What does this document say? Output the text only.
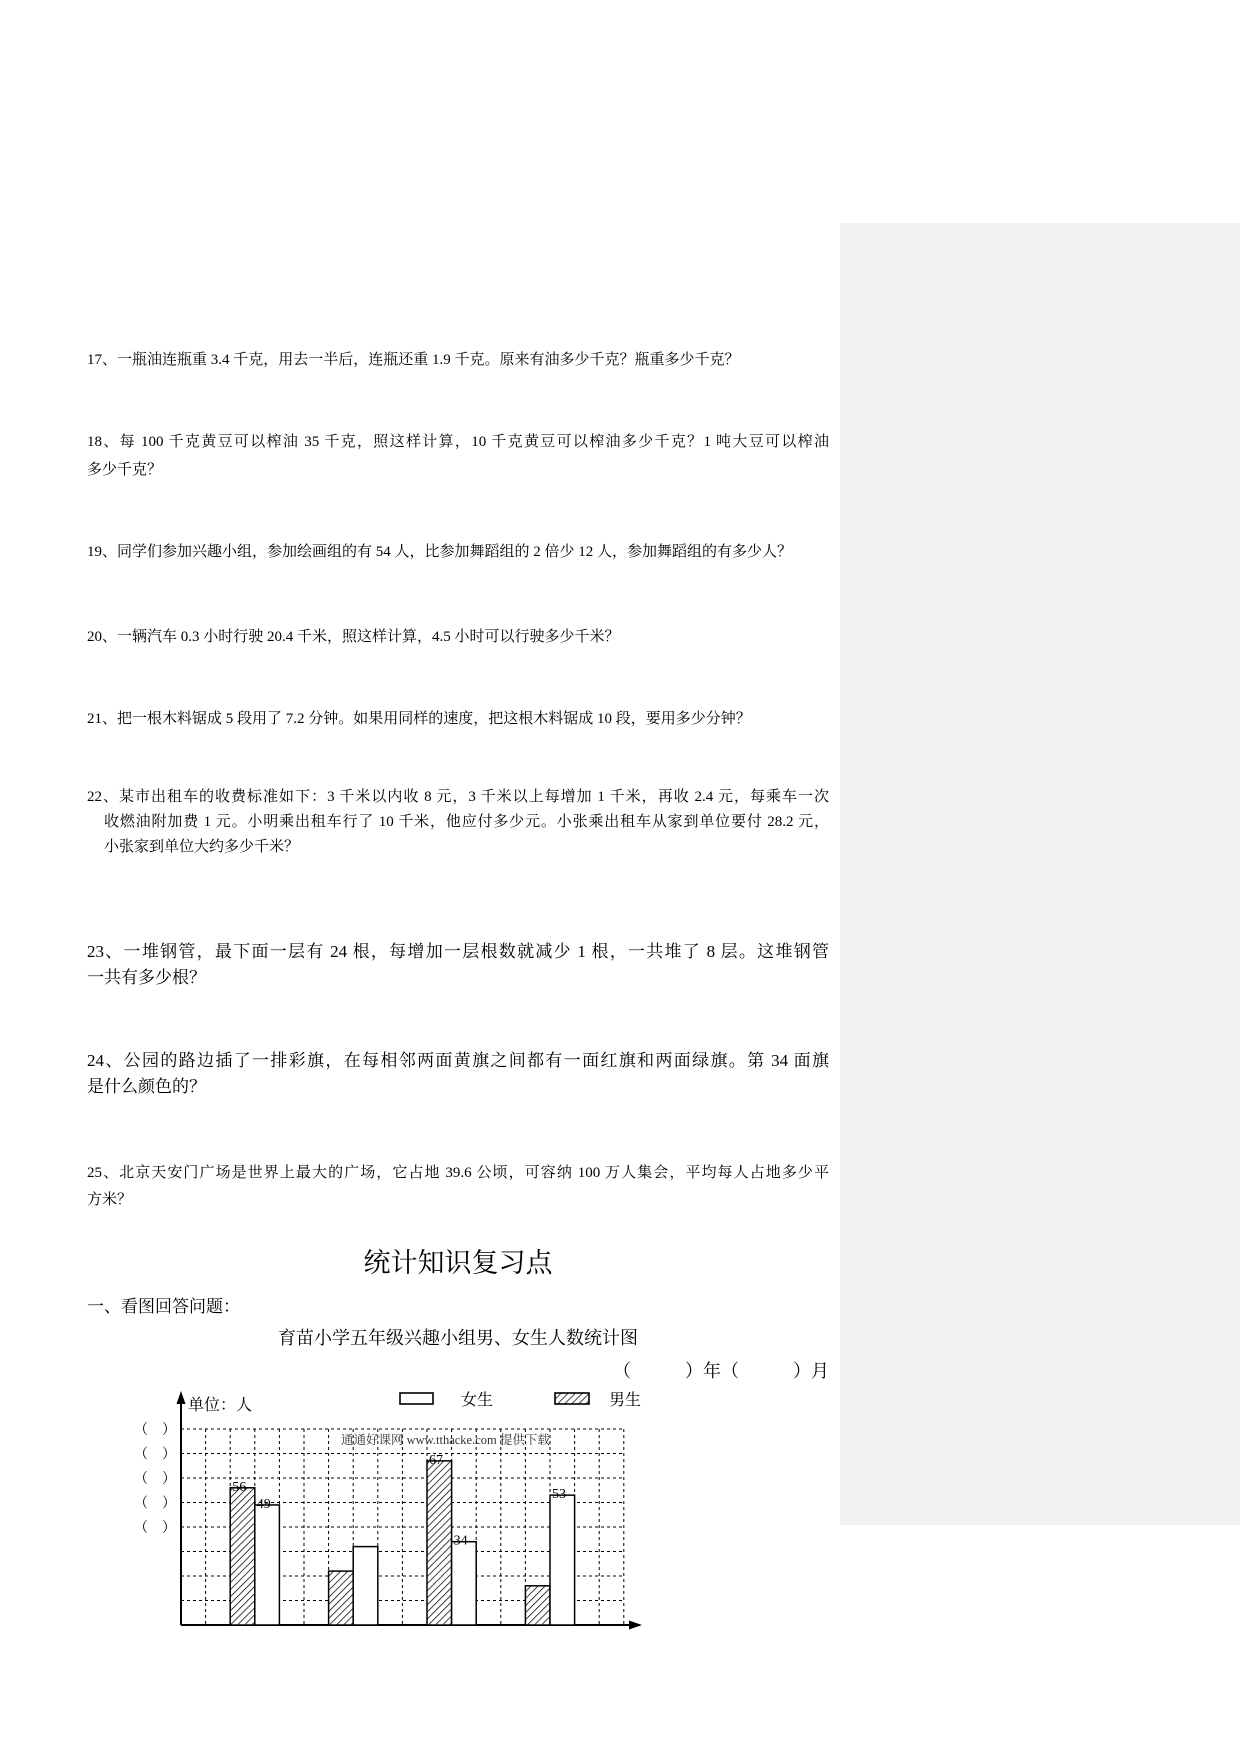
17、一瓶油连瓶重 3.4 千克，用去一半后，连瓶还重 1.9 千克。原来有油多少千克？瓶重多少千克？
18、每 100 千克黄豆可以榨油 35 千克，照这样计算，10 千克黄豆可以榨油多少千克？1 吨大豆可以榨油
多少千克？
19、同学们参加兴趣小组，参加绘画组的有 54 人，比参加舞蹈组的 2 倍少 12 人，参加舞蹈组的有多少人？
20、一辆汽车 0.3 小时行驶 20.4 千米，照这样计算，4.5 小时可以行驶多少千米？
21、把一根木料锯成 5 段用了 7.2 分钟。如果用同样的速度，把这根木料锯成 10 段，要用多少分钟？
22、某市出租车的收费标准如下：3 千米以内收 8 元，3 千米以上每增加 1 千米，再收 2.4 元，每乘车一次
收燃油附加费 1 元。小明乘出租车行了 10 千米，他应付多少元。小张乘出租车从家到单位要付 28.2 元，
小张家到单位大约多少千米？
23、一堆钢管，最下面一层有 24 根，每增加一层根数就减少 1 根，一共堆了 8 层。这堆钢管
一共有多少根？
24、公园的路边插了一排彩旗，在每相邻两面黄旗之间都有一面红旗和两面绿旗。第 34 面旗
是什么颜色的？
25、北京天安门广场是世界上最大的广场，它占地 39.6 公顷，可容纳 100 万人集会，平均每人占地多少平
方米？
统计知识复习点
一、看图回答问题：
育苗小学五年级兴趣小组男、女生人数统计图
（　　　）年（　　　）月
（　）
（　）
（　）
（　）
（　）
单位：人	女生	男生
通通好课网 www.tthacke.com 提供下载
56
49
67
34
53
